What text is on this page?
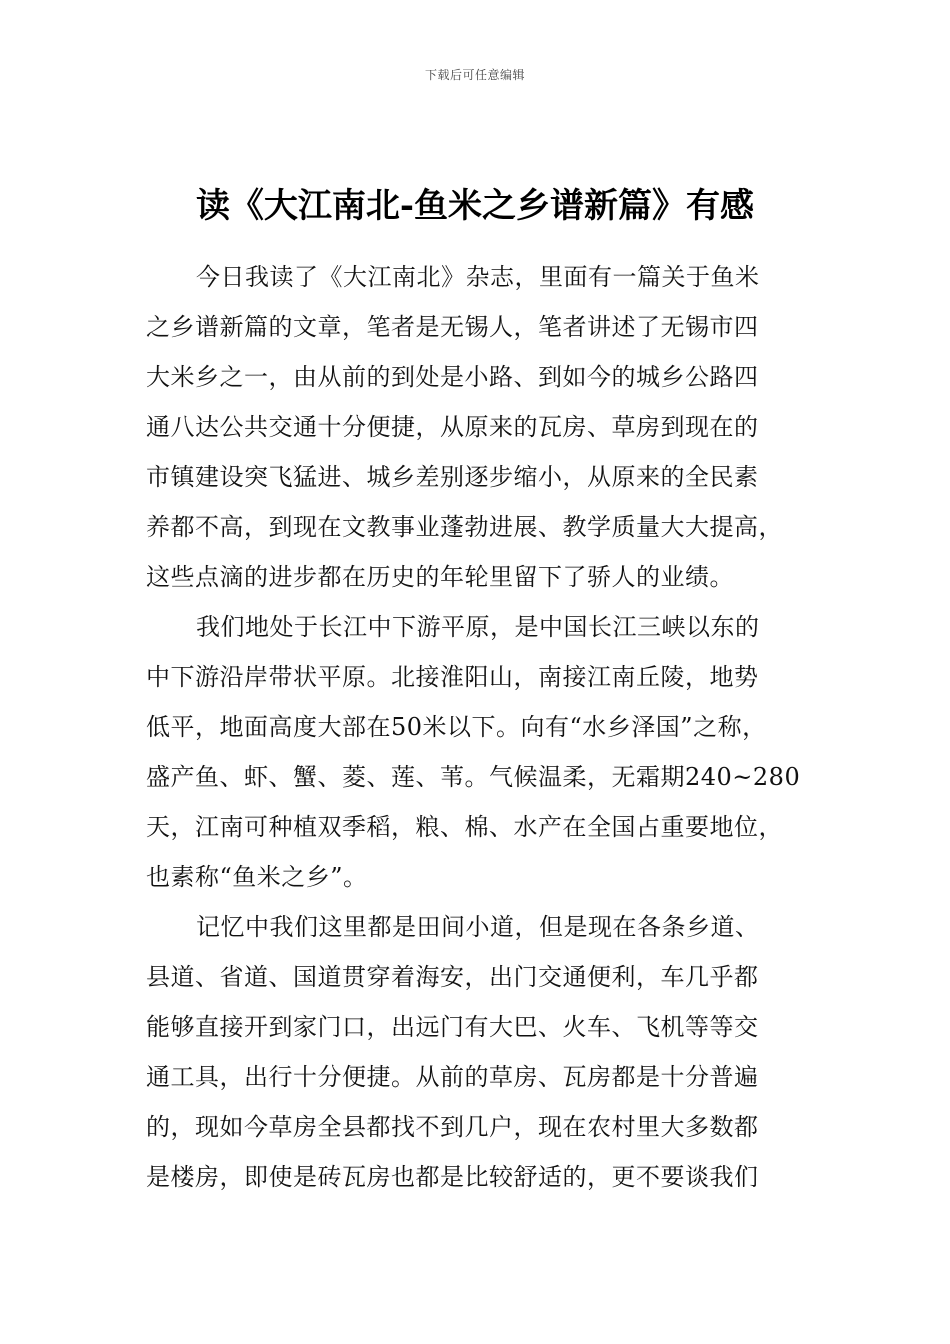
下载后可任意编辑
读《大江南北-鱼米之乡谱新篇》有感
今日我读了《大江南北》杂志，里面有一篇关于鱼米
之乡谱新篇的文章，笔者是无锡人，笔者讲述了无锡市四
大米乡之一，由从前的到处是小路、到如今的城乡公路四
通八达公共交通十分便捷，从原来的瓦房、草房到现在的
市镇建设突飞猛进、城乡差别逐步缩小，从原来的全民素
养都不高，到现在文教事业蓬勃进展、教学质量大大提高，
这些点滴的进步都在历史的年轮里留下了骄人的业绩。
我们地处于长江中下游平原，是中国长江三峡以东的
中下游沿岸带状平原。北接淮阳山，南接江南丘陵，地势
低平，地面高度大部在50米以下。向有“水乡泽国”之称，
盛产鱼、虾、蟹、菱、莲、苇。气候温柔，无霜期240~280
天，江南可种植双季稻，粮、棉、水产在全国占重要地位，
也素称“鱼米之乡”。
记忆中我们这里都是田间小道，但是现在各条乡道、
县道、省道、国道贯穿着海安，出门交通便利，车几乎都
能够直接开到家门口，出远门有大巴、火车、飞机等等交
通工具，出行十分便捷。从前的草房、瓦房都是十分普遍
的，现如今草房全县都找不到几户，现在农村里大多数都
是楼房，即使是砖瓦房也都是比较舒适的，更不要谈我们
